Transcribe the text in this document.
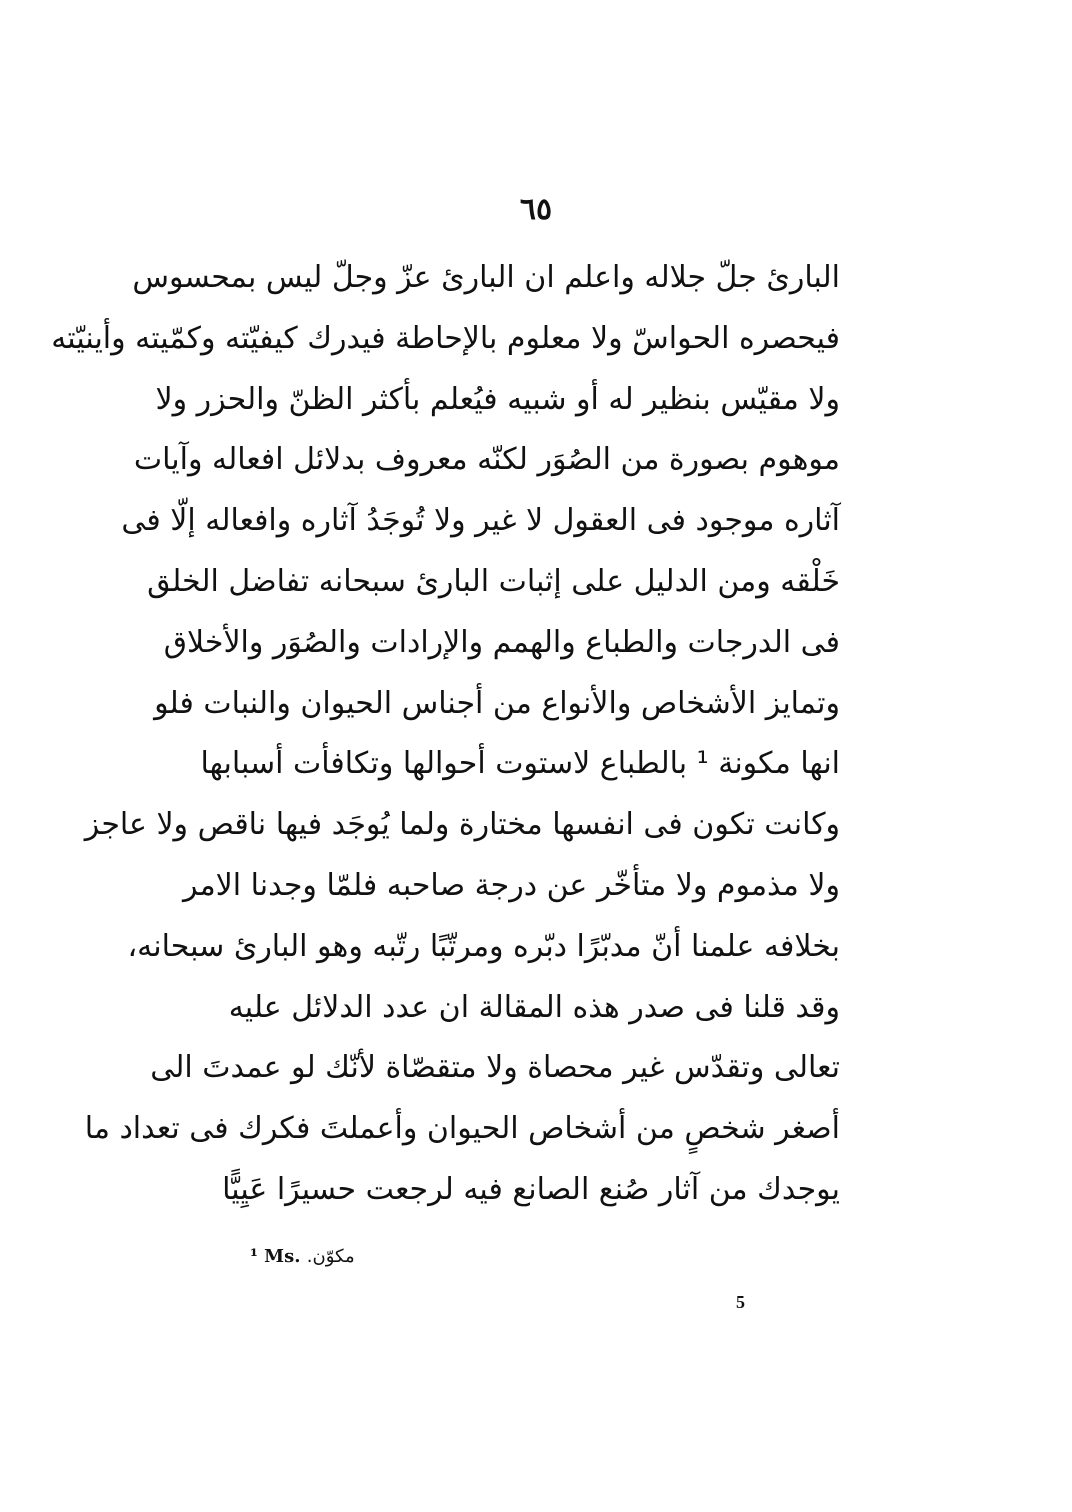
٦٥
البارئ جلّ جلاله واعلم ان البارئ عزّ وجلّ ليس بمحسوس
فيحصره الحواسّ ولا معلوم بالإحاطة فيدرك كيفيّته وكمّيته وأينيّته
ولا مقيّس بنظير له أو شبيه فيُعلم بأكثر الظنّ والحزر ولا
موهوم بصورة من الصُوَر لكنّه معروف بدلائل افعاله وآيات
آثاره موجود فى العقول لا غير ولا تُوجَدُ آثاره وافعاله إلّا فى
خَلْقه ومن الدليل على إثبات البارئ سبحانه تفاضل الخلق
فى الدرجات والطباع والهمم والإرادات والصُوَر والأخلاق
وتمايز الأشخاص والأنواع من أجناس الحيوان والنبات فلو
انها مكونة ¹ بالطباع لاستوت أحوالها وتكافأت أسبابها
وكانت تكون فى انفسها مختارة ولما يُوجَد فيها ناقص ولا عاجز
ولا مذموم ولا متأخّر عن درجة صاحبه فلمّا وجدنا الامر
بخلافه علمنا أنّ مدبّرًا دبّره ومرتّبًا رتّبه وهو البارئ سبحانه،
وقد قلنا فى صدر هذه المقالة ان عدد الدلائل عليه
تعالى وتقدّس غير محصاة ولا متقصّاة لأنّك لو عمدتَ الى
أصغر شخصٍ من أشخاص الحيوان وأعملتَ فكرك فى تعداد ما
يوجدك من آثار صُنع الصانع فيه لرجعت حسيرًا عَيِيًّا
¹ Ms. مكوّن.
5
